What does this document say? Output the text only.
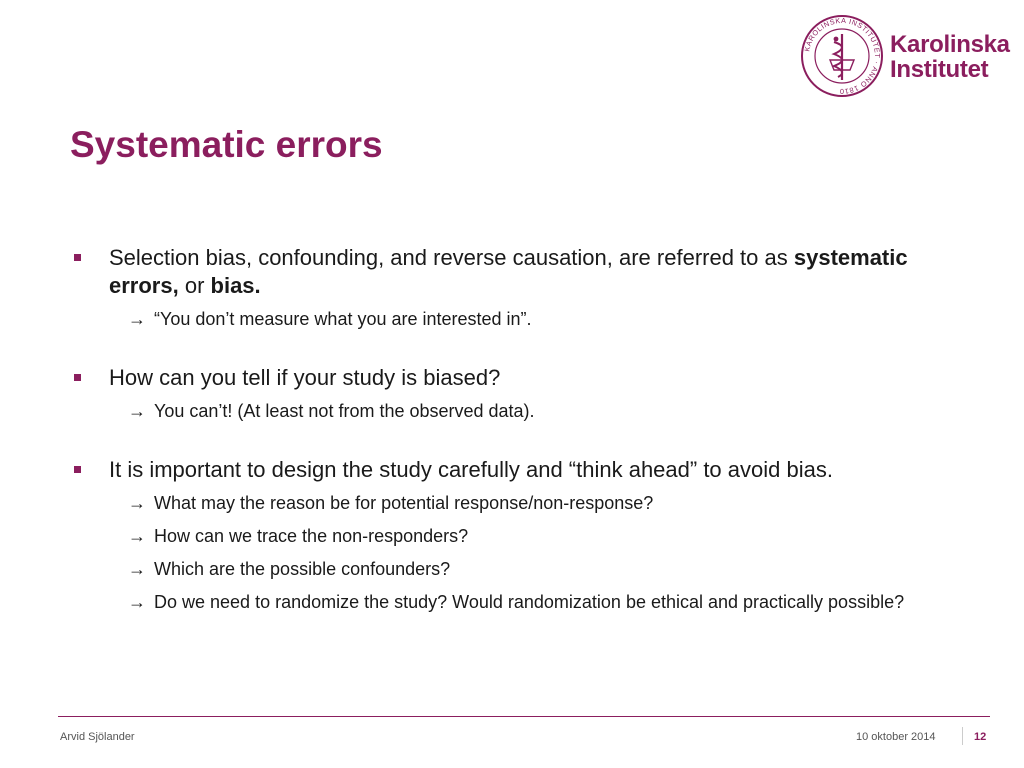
KAROLINSKA INSTITUTET · ANNO 1810
Karolinska
Institutet
Systematic errors
Selection bias, confounding, and reverse causation, are referred to as systematic errors, or bias.
→ “You don’t measure what you are interested in”.
How can you tell if your study is biased?
→ You can’t! (At least not from the observed data).
It is important to design the study carefully and “think ahead” to avoid bias.
→ What may the reason be for potential response/non-response?
→ How can we trace the non-responders?
→ Which are the possible confounders?
→ Do we need to randomize the study? Would randomization be ethical and practically possible?
Arvid Sjölander	10 oktober 2014	12
